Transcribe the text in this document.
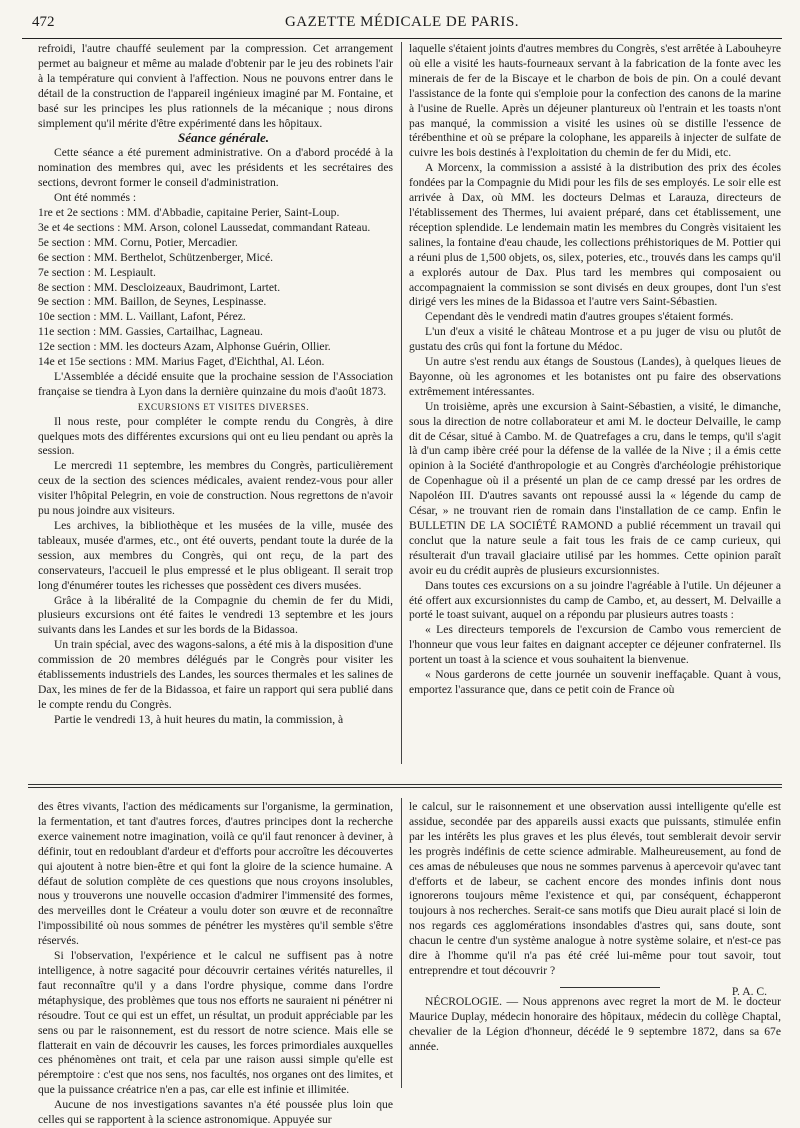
472	GAZETTE MÉDICALE DE PARIS.

refroidi, l'autre chauffé seulement par la compression. Cet arrangement permet au baigneur et même au malade d'obtenir par le jeu des robinets l'air à la température qui convient à l'affection. Nous ne pouvons entrer dans le détail de la construction de l'appareil ingénieux imaginé par M. Fontaine, et basé sur les principes les plus rationnels de la mécanique ; nous dirons simplement qu'il mérite d'être expérimenté dans les hôpitaux.

Séance générale.

Cette séance a été purement administrative. On a d'abord procédé à la nomination des membres qui, avec les présidents et les secrétaires des sections, devront former le conseil d'administration.

Ont été nommés :

1re et 2e sections : MM. d'Abbadie, capitaine Perier, Saint-Loup.

3e et 4e sections : MM. Arson, colonel Laussedat, commandant Rateau.

5e section : MM. Cornu, Potier, Mercadier.

6e section : MM. Berthelot, Schützenberger, Micé.

7e section : M. Lespiault.

8e section : MM. Descloizeaux, Baudrimont, Lartet.

9e section : MM. Baillon, de Seynes, Lespinasse.

10e section : MM. L. Vaillant, Lafont, Pérez.

11e section : MM. Gassies, Cartailhac, Lagneau.

12e section : MM. les docteurs Azam, Alphonse Guérin, Ollier.

14e et 15e sections : MM. Marius Faget, d'Eichthal, Al. Léon.

L'Assemblée a décidé ensuite que la prochaine session de l'Association française se tiendra à Lyon dans la dernière quinzaine du mois d'août 1873.

EXCURSIONS ET VISITES DIVERSES.

Il nous reste, pour compléter le compte rendu du Congrès, à dire quelques mots des différentes excursions qui ont eu lieu pendant ou après la session.

Le mercredi 11 septembre, les membres du Congrès, particulièrement ceux de la section des sciences médicales, avaient rendez-vous pour aller visiter l'hôpital Pelegrin, en voie de construction. Nous regrettons de n'avoir pu nous joindre aux visiteurs.

Les archives, la bibliothèque et les musées de la ville, musée des tableaux, musée d'armes, etc., ont été ouverts, pendant toute la durée de la session, aux membres du Congrès, qui ont reçu, de la part des conservateurs, l'accueil le plus empressé et le plus obligeant. Il serait trop long d'énumérer toutes les richesses que possèdent ces divers musées.

Grâce à la libéralité de la Compagnie du chemin de fer du Midi, plusieurs excursions ont été faites le vendredi 13 septembre et les jours suivants dans les Landes et sur les bords de la Bidassoa.

Un train spécial, avec des wagons-salons, a été mis à la disposition d'une commission de 20 membres délégués par le Congrès pour visiter les établissements industriels des Landes, les sources thermales et les salines de Dax, les mines de fer de la Bidassoa, et faire un rapport qui sera publié dans le compte rendu du Congrès.

Partie le vendredi 13, à huit heures du matin, la commission, à

laquelle s'étaient joints d'autres membres du Congrès, s'est arrêtée à Labouheyre où elle a visité les hauts-fourneaux servant à la fabrication de la fonte avec les minerais de fer de la Biscaye et le charbon de bois de pin. On a coulé devant l'assistance de la fonte qui s'emploie pour la confection des canons de la marine à l'usine de Ruelle. Après un déjeuner plantureux où l'entrain et les toasts n'ont pas manqué, la commission a visité les usines où se distille l'essence de térébenthine et où se prépare la colophane, les appareils à injecter de sulfate de cuivre les bois destinés à l'exploitation du chemin de fer du Midi, etc.

A Morcenx, la commission a assisté à la distribution des prix des écoles fondées par la Compagnie du Midi pour les fils de ses employés. Le soir elle est arrivée à Dax, où MM. les docteurs Delmas et Larauza, directeurs de l'établissement des Thermes, lui avaient préparé, dans cet établissement, une réception splendide. Le lendemain matin les membres du Congrès visitaient les salines, la fontaine d'eau chaude, les collections préhistoriques de M. Pottier qui a réuni plus de 1,500 objets, os, silex, poteries, etc., trouvés dans les camps qu'il a explorés autour de Dax. Plus tard les membres qui composaient ou accompagnaient la commission se sont divisés en deux groupes, dont l'un s'est dirigé vers les mines de la Bidassoa et l'autre vers Saint-Sébastien.

Cependant dès le vendredi matin d'autres groupes s'étaient formés.

L'un d'eux a visité le château Montrose et a pu juger de visu ou plutôt de gustatu des crûs qui font la fortune du Médoc.

Un autre s'est rendu aux étangs de Soustous (Landes), à quelques lieues de Bayonne, où les agronomes et les botanistes ont pu faire des observations extrêmement intéressantes.

Un troisième, après une excursion à Saint-Sébastien, a visité, le dimanche, sous la direction de notre collaborateur et ami M. le docteur Delvaille, le camp dit de César, situé à Cambo. M. de Quatrefages a cru, dans le temps, qu'il s'agit là d'un camp ibère créé pour la défense de la vallée de la Nive ; il a émis cette opinion à la Société d'anthropologie et au Congrès d'archéologie préhistorique de Copenhague où il a présenté un plan de ce camp dressé par les ordres de Napoléon III. D'autres savants ont repoussé aussi la « légende du camp de César, » ne trouvant rien de romain dans l'installation de ce camp. Enfin le BULLETIN DE LA SOCIÉTÉ RAMOND a publié récemment un travail qui conclut que la nature seule a fait tous les frais de ce camp curieux, qui résulterait d'un travail glaciaire utilisé par les hommes. Cette opinion paraît avoir eu du crédit auprès de plusieurs excursionnistes.

Dans toutes ces excursions on a su joindre l'agréable à l'utile. Un déjeuner a été offert aux excursionnistes du camp de Cambo, et, au dessert, M. Delvaille a porté le toast suivant, auquel on a répondu par plusieurs autres toasts :

« Les directeurs temporels de l'excursion de Cambo vous remercient de l'honneur que vous leur faites en daignant accepter ce déjeuner confraternel. Ils portent un toast à la science et vous souhaitent la bienvenue.

« Nous garderons de cette journée un souvenir ineffaçable. Quant à vous, emportez l'assurance que, dans ce petit coin de France où

des êtres vivants, l'action des médicaments sur l'organisme, la germination, la fermentation, et tant d'autres forces, d'autres principes dont la recherche exerce vainement notre imagination, voilà ce qu'il faut renoncer à deviner, à définir, tout en redoublant d'ardeur et d'efforts pour accroître les découvertes qui ajoutent à notre bien-être et qui font la gloire de la science humaine. A défaut de solution complète de ces questions que nous croyons insolubles, nous y trouverons une nouvelle occasion d'admirer l'immensité des formes, des merveilles dont le Créateur a voulu doter son œuvre et de reconnaître l'impossibilité où nous sommes de pénétrer les mystères qu'il semble s'être réservés.

Si l'observation, l'expérience et le calcul ne suffisent pas à notre intelligence, à notre sagacité pour découvrir certaines vérités naturelles, il faut reconnaître qu'il y a dans l'ordre physique, comme dans l'ordre métaphysique, des problèmes que tous nos efforts ne sauraient ni pénétrer ni résoudre. Tout ce qui est un effet, un résultat, un produit appréciable par les sens ou par le raisonnement, est du ressort de notre science. Mais elle se flatterait en vain de découvrir les causes, les forces primordiales auxquelles ces phénomènes ont trait, et cela par une raison aussi simple qu'elle est péremptoire : c'est que nos sens, nos facultés, nos organes ont des limites, et que la puissance créatrice n'en a pas, car elle est infinie et illimitée.

Aucune de nos investigations savantes n'a été poussée plus loin que celles qui se rapportent à la science astronomique. Appuyée sur

le calcul, sur le raisonnement et une observation aussi intelligente qu'elle est assidue, secondée par des appareils aussi exacts que puissants, stimulée enfin par les intérêts les plus graves et les plus élevés, tout semblerait devoir servir les progrès indéfinis de cette science admirable. Malheureusement, au fond de ces amas de nébuleuses que nous ne sommes parvenus à apercevoir qu'avec tant d'efforts et de labeur, se cachent encore des mondes infinis dont nous ignorerons toujours même l'existence et qui, par conséquent, échapperont toujours à nos recherches. Serait-ce sans motifs que Dieu aurait placé si loin de nos regards ces agglomérations insondables d'astres qui, sans doute, sont chacun le centre d'un système analogue à notre système solaire, et n'est-ce pas dire à l'homme qu'il n'a pas été créé lui-même pour tout savoir, tout entreprendre et tout découvrir ?

P. A. C.

NÉCROLOGIE. — Nous apprenons avec regret la mort de M. le docteur Maurice Duplay, médecin honoraire des hôpitaux, médecin du collège Chaptal, chevalier de la Légion d'honneur, décédé le 9 septembre 1872, dans sa 67e année.
